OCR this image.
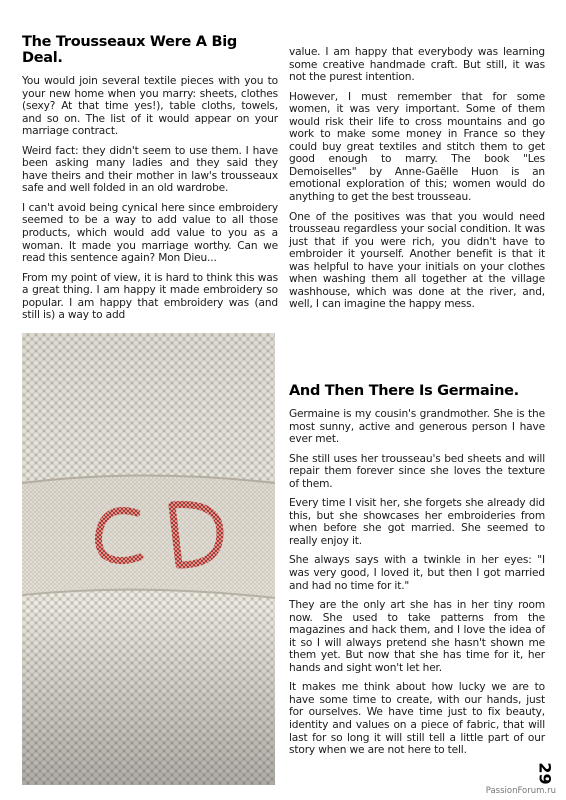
The Trousseaux Were A Big Deal.

You would join several textile pieces with you to your new home when you marry: sheets, clothes (sexy? At that time yes!), table cloths, towels, and so on. The list of it would appear on your marriage contract.

Weird fact: they didn't seem to use them. I have been asking many ladies and they said they have theirs and their mother in law's trousseaux safe and well folded in an old wardrobe.

I can't avoid being cynical here since embroidery seemed to be a way to add value to all those products, which would add value to you as a woman. It made you marriage worthy. Can we read this sentence again? Mon Dieu...

From my point of view, it is hard to think this was a great thing. I am happy it made embroidery so popular. I am happy that embroidery was (and still is) a way to add

value. I am happy that everybody was learning some creative handmade craft. But still, it was not the purest intention.

However, I must remember that for some women, it was very important. Some of them would risk their life to cross mountains and go work to make some money in France so they could buy great textiles and stitch them to get good enough to marry. The book "Les Demoiselles" by Anne-Gaëlle Huon is an emotional exploration of this; women would do anything to get the best trousseau.

One of the positives was that you would need trousseau regardless your social condition. It was just that if you were rich, you didn't have to embroider it yourself. Another benefit is that it was helpful to have your initials on your clothes when washing them all together at the village washhouse, which was done at the river, and, well, I can imagine the happy mess.

And Then There Is Germaine.

Germaine is my cousin's grandmother. She is the most sunny, active and generous person I have ever met.

She still uses her trousseau's bed sheets and will repair them forever since she loves the texture of them.

Every time I visit her, she forgets she already did this, but she showcases her embroideries from when before she got married. She seemed to really enjoy it.

She always says with a twinkle in her eyes: "I was very good, I loved it, but then I got married and had no time for it."

They are the only art she has in her tiny room now. She used to take patterns from the magazines and hack them, and I love the idea of it so I will always pretend she hasn't shown me them yet. But now that she has time for it, her hands and sight won't let her.

It makes me think about how lucky we are to have some time to create, with our hands, just for ourselves. We have time just to fix beauty, identity and values on a piece of fabric, that will last for so long it will still tell a little part of our story when we are not here to tell.

29
PassionForum.ru
